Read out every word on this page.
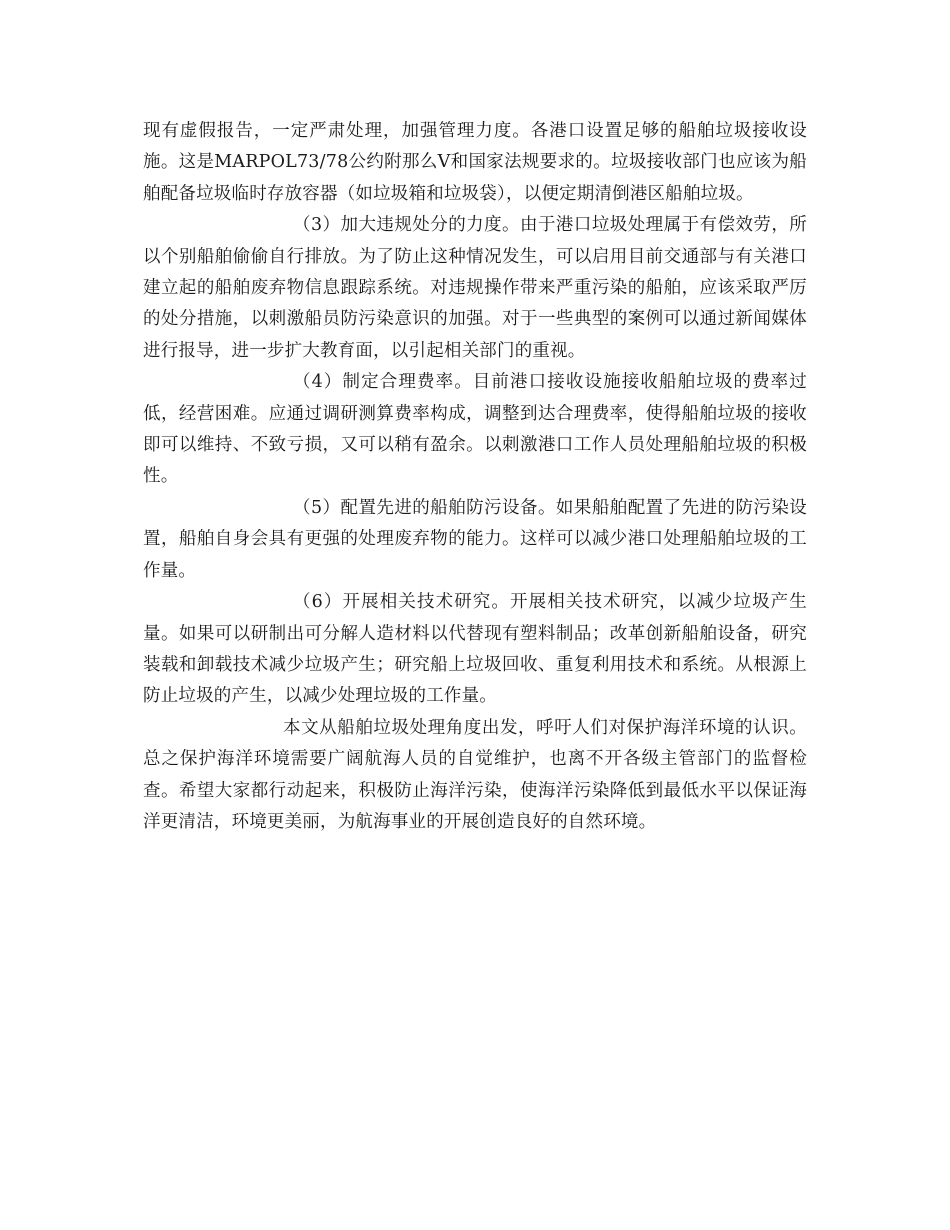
现有虚假报告，一定严肃处理，加强管理力度。各港口设置足够的船舶垃圾接收设施。这是MARPOL73/78公约附那么Ⅴ和国家法规要求的。垃圾接收部门也应该为船舶配备垃圾临时存放容器（如垃圾箱和垃圾袋），以便定期清倒港区船舶垃圾。

（3）加大违规处分的力度。由于港口垃圾处理属于有偿效劳，所以个别船舶偷偷自行排放。为了防止这种情况发生，可以启用目前交通部与有关港口建立起的船舶废弃物信息跟踪系统。对违规操作带来严重污染的船舶，应该采取严厉的处分措施，以刺激船员防污染意识的加强。对于一些典型的案例可以通过新闻媒体进行报导，进一步扩大教育面，以引起相关部门的重视。

（4）制定合理费率。目前港口接收设施接收船舶垃圾的费率过低，经营困难。应通过调研测算费率构成，调整到达合理费率，使得船舶垃圾的接收即可以维持、不致亏损，又可以稍有盈余。以刺激港口工作人员处理船舶垃圾的积极性。

（5）配置先进的船舶防污设备。如果船舶配置了先进的防污染设置，船舶自身会具有更强的处理废弃物的能力。这样可以减少港口处理船舶垃圾的工作量。

（6）开展相关技术研究。开展相关技术研究，以减少垃圾产生量。如果可以研制出可分解人造材料以代替现有塑料制品；改革创新船舶设备，研究装载和卸载技术减少垃圾产生；研究船上垃圾回收、重复利用技术和系统。从根源上防止垃圾的产生，以减少处理垃圾的工作量。

本文从船舶垃圾处理角度出发，呼吁人们对保护海洋环境的认识。总之保护海洋环境需要广阔航海人员的自觉维护，也离不开各级主管部门的监督检查。希望大家都行动起来，积极防止海洋污染，使海洋污染降低到最低水平以保证海洋更清洁，环境更美丽，为航海事业的开展创造良好的自然环境。
